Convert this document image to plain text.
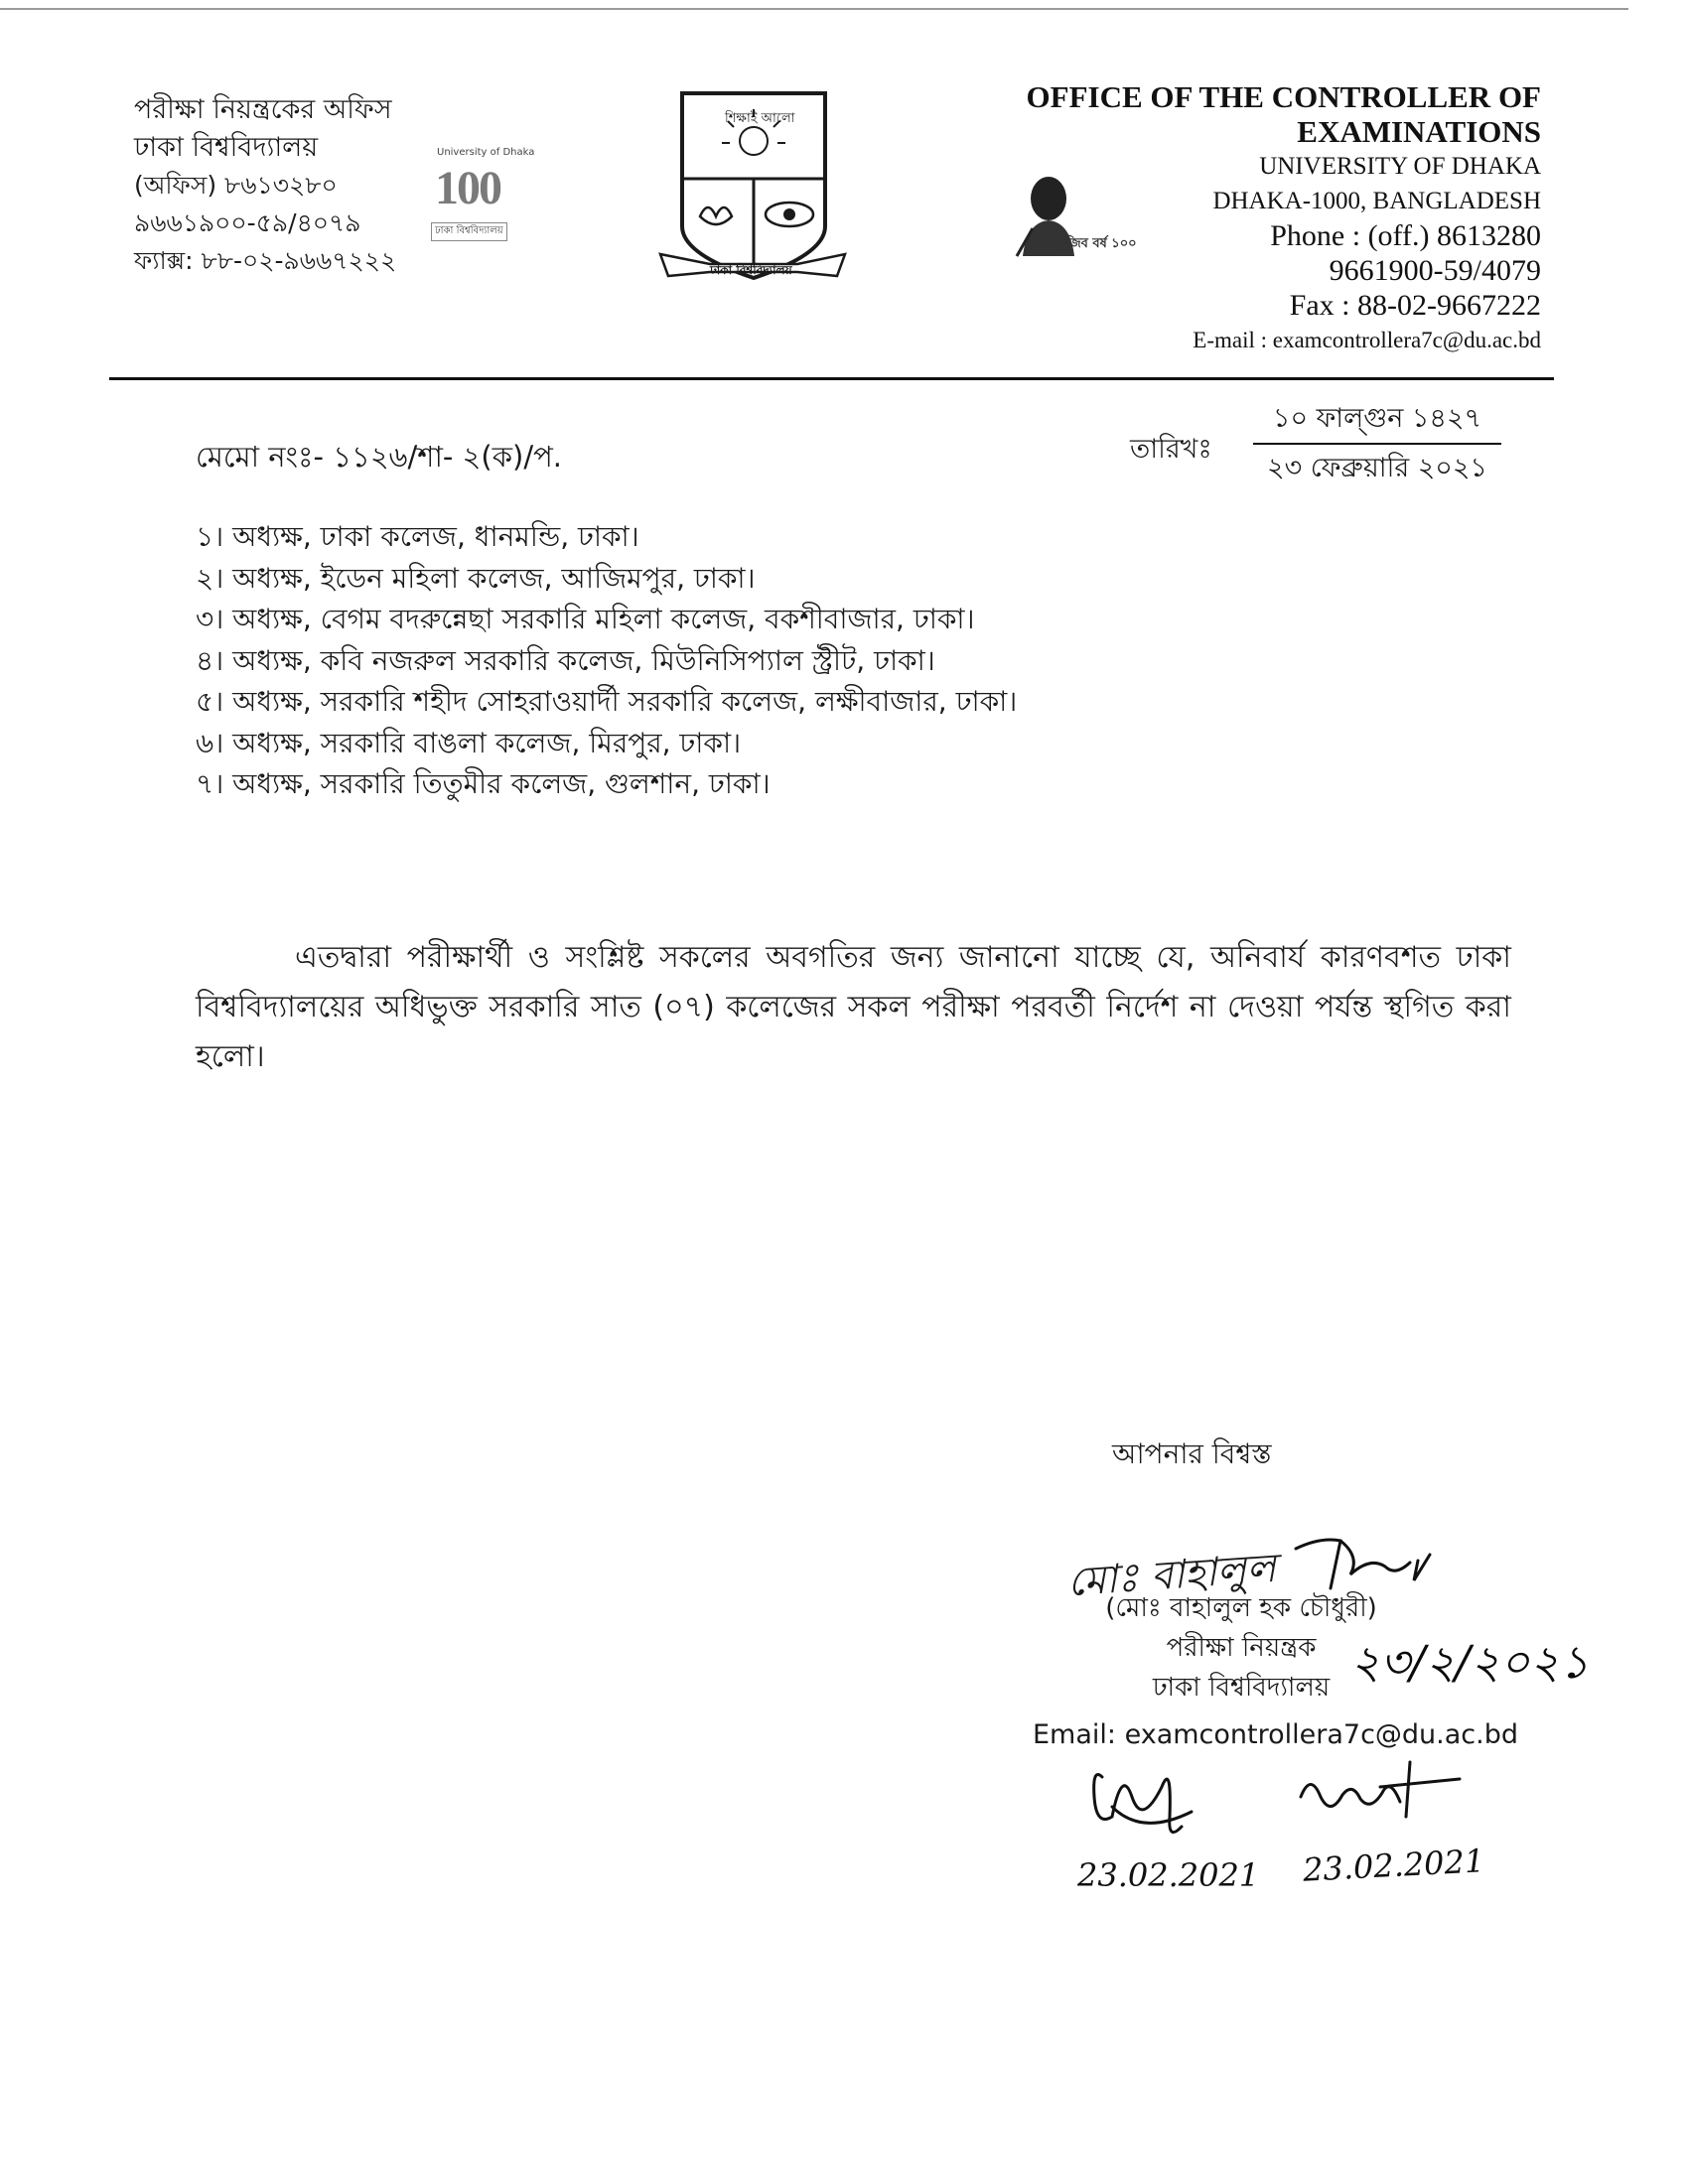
পরীক্ষা নিয়ন্ত্রকের অফিস
ঢাকা বিশ্ববিদ্যালয়
(অফিস) ৮৬১৩২৮০
৯৬৬১৯০০-৫৯/৪০৭৯
ফ্যাক্স: ৮৮-০২-৯৬৬৭২২২
University of Dhaka
100
ঢাকা বিশ্ববিদ্যালয়
ঢাকা বিশ্ববিদ্যালয়
শিক্ষাই আলো
মুজিব বর্ষ ১০০
OFFICE OF THE CONTROLLER OF
EXAMINATIONS
UNIVERSITY OF DHAKA
DHAKA-1000, BANGLADESH
Phone : (off.) 8613280
9661900-59/4079
Fax : 88-02-9667222
E-mail : examcontrollera7c@du.ac.bd
মেমো নংঃ- ১১২৬/শা- ২(ক)/প.	তারিখঃ
১০ ফাল্গুন ১৪২৭
২৩ ফেব্রুয়ারি ২০২১
১। অধ্যক্ষ, ঢাকা কলেজ, ধানমন্ডি, ঢাকা।
২। অধ্যক্ষ, ইডেন মহিলা কলেজ, আজিমপুর, ঢাকা।
৩। অধ্যক্ষ, বেগম বদরুন্নেছা সরকারি মহিলা কলেজ, বকশীবাজার, ঢাকা।
৪। অধ্যক্ষ, কবি নজরুল সরকারি কলেজ, মিউনিসিপ্যাল স্ট্রীট, ঢাকা।
৫। অধ্যক্ষ, সরকারি শহীদ সোহরাওয়ার্দী সরকারি কলেজ, লক্ষীবাজার, ঢাকা।
৬। অধ্যক্ষ, সরকারি বাঙলা কলেজ, মিরপুর, ঢাকা।
৭। অধ্যক্ষ, সরকারি তিতুমীর কলেজ, গুলশান, ঢাকা।

এতদ্বারা পরীক্ষার্থী ও সংশ্লিষ্ট সকলের অবগতির জন্য জানানো যাচ্ছে যে, অনিবার্য কারণবশত ঢাকা বিশ্ববিদ্যালয়ের অধিভুক্ত সরকারি সাত (০৭) কলেজের সকল পরীক্ষা পরবর্তী নির্দেশ না দেওয়া পর্যন্ত স্থগিত করা হলো।

আপনার বিশ্বস্ত
মোঃ বাহালুল
(মোঃ বাহালুল হক চৌধুরী)
পরীক্ষা নিয়ন্ত্রক
ঢাকা বিশ্ববিদ্যালয় ২৩/২/২০২১
Email: examcontrollera7c@du.ac.bd
23.02.2021 23.02.2021
